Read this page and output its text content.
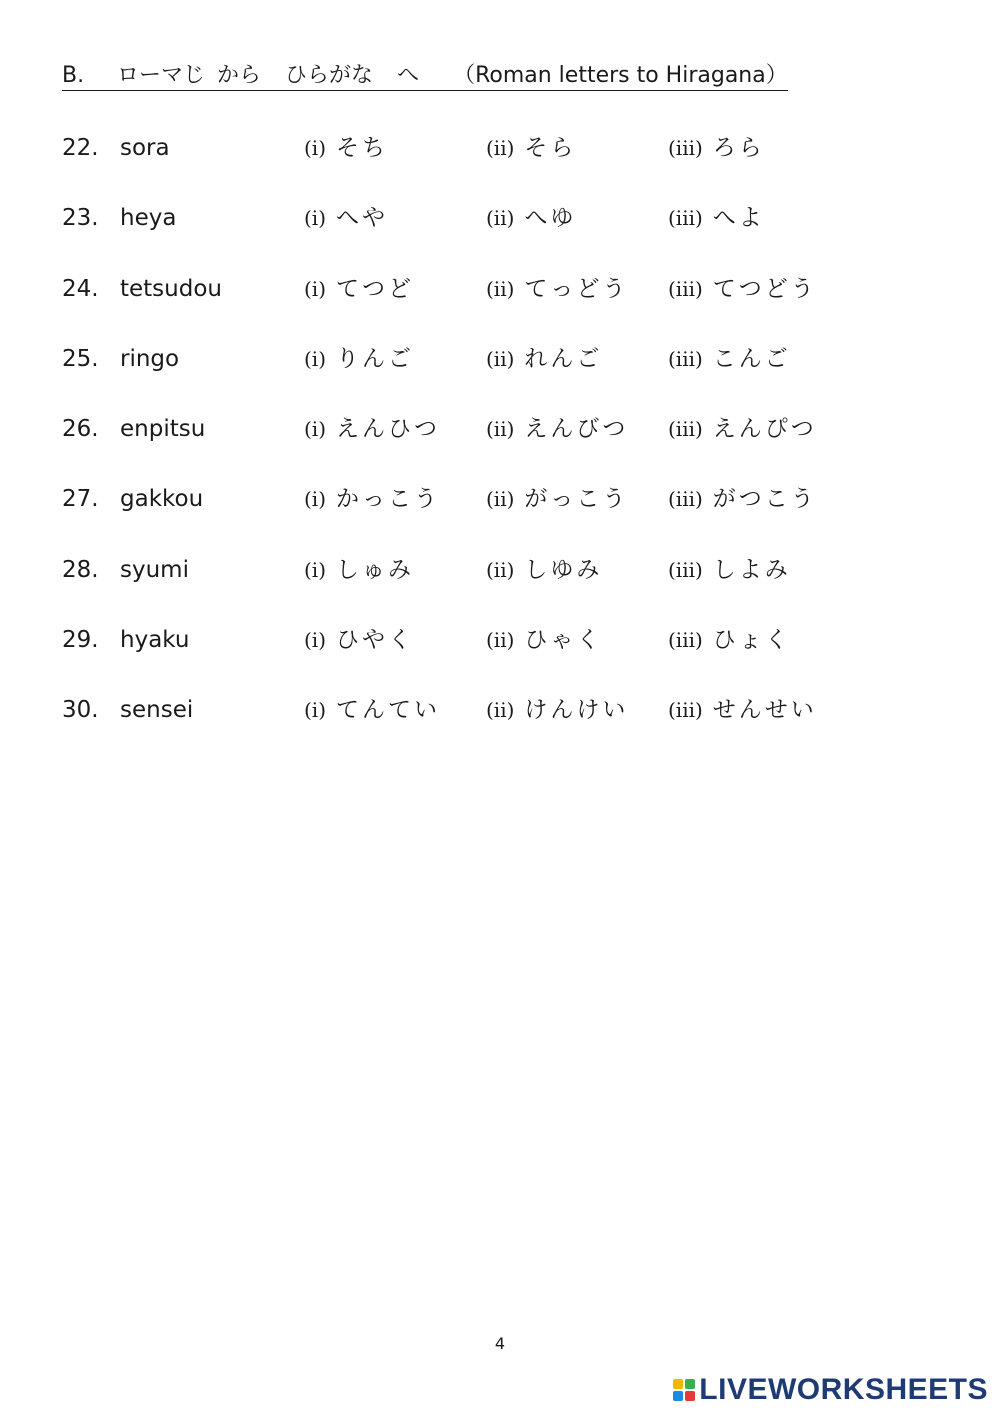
B. ローマじ から ひらがな へ （Roman letters to Hiragana）
22. sora	(i) そち	(ii) そら	(iii) ろら
23. heya	(i) へや	(ii) へゆ	(iii) へよ
24. tetsudou	(i) てつど	(ii) てっどう (iii) てつどう
25. ringo	(i) りんご	(ii) れんご	(iii) こんご
26. enpitsu	(i) えんひつ (ii) えんびつ (iii) えんぴつ
27. gakkou	(i) かっこう (ii) がっこう (iii) がつこう
28. syumi	(i) しゅみ	(ii) しゆみ	(iii) しよみ
29. hyaku	(i) ひやく	(ii) ひゃく	(iii) ひょく
30. sensei	(i) てんてい (ii) けんけい (iii) せんせい
4
LIVEWORKSHEETS
